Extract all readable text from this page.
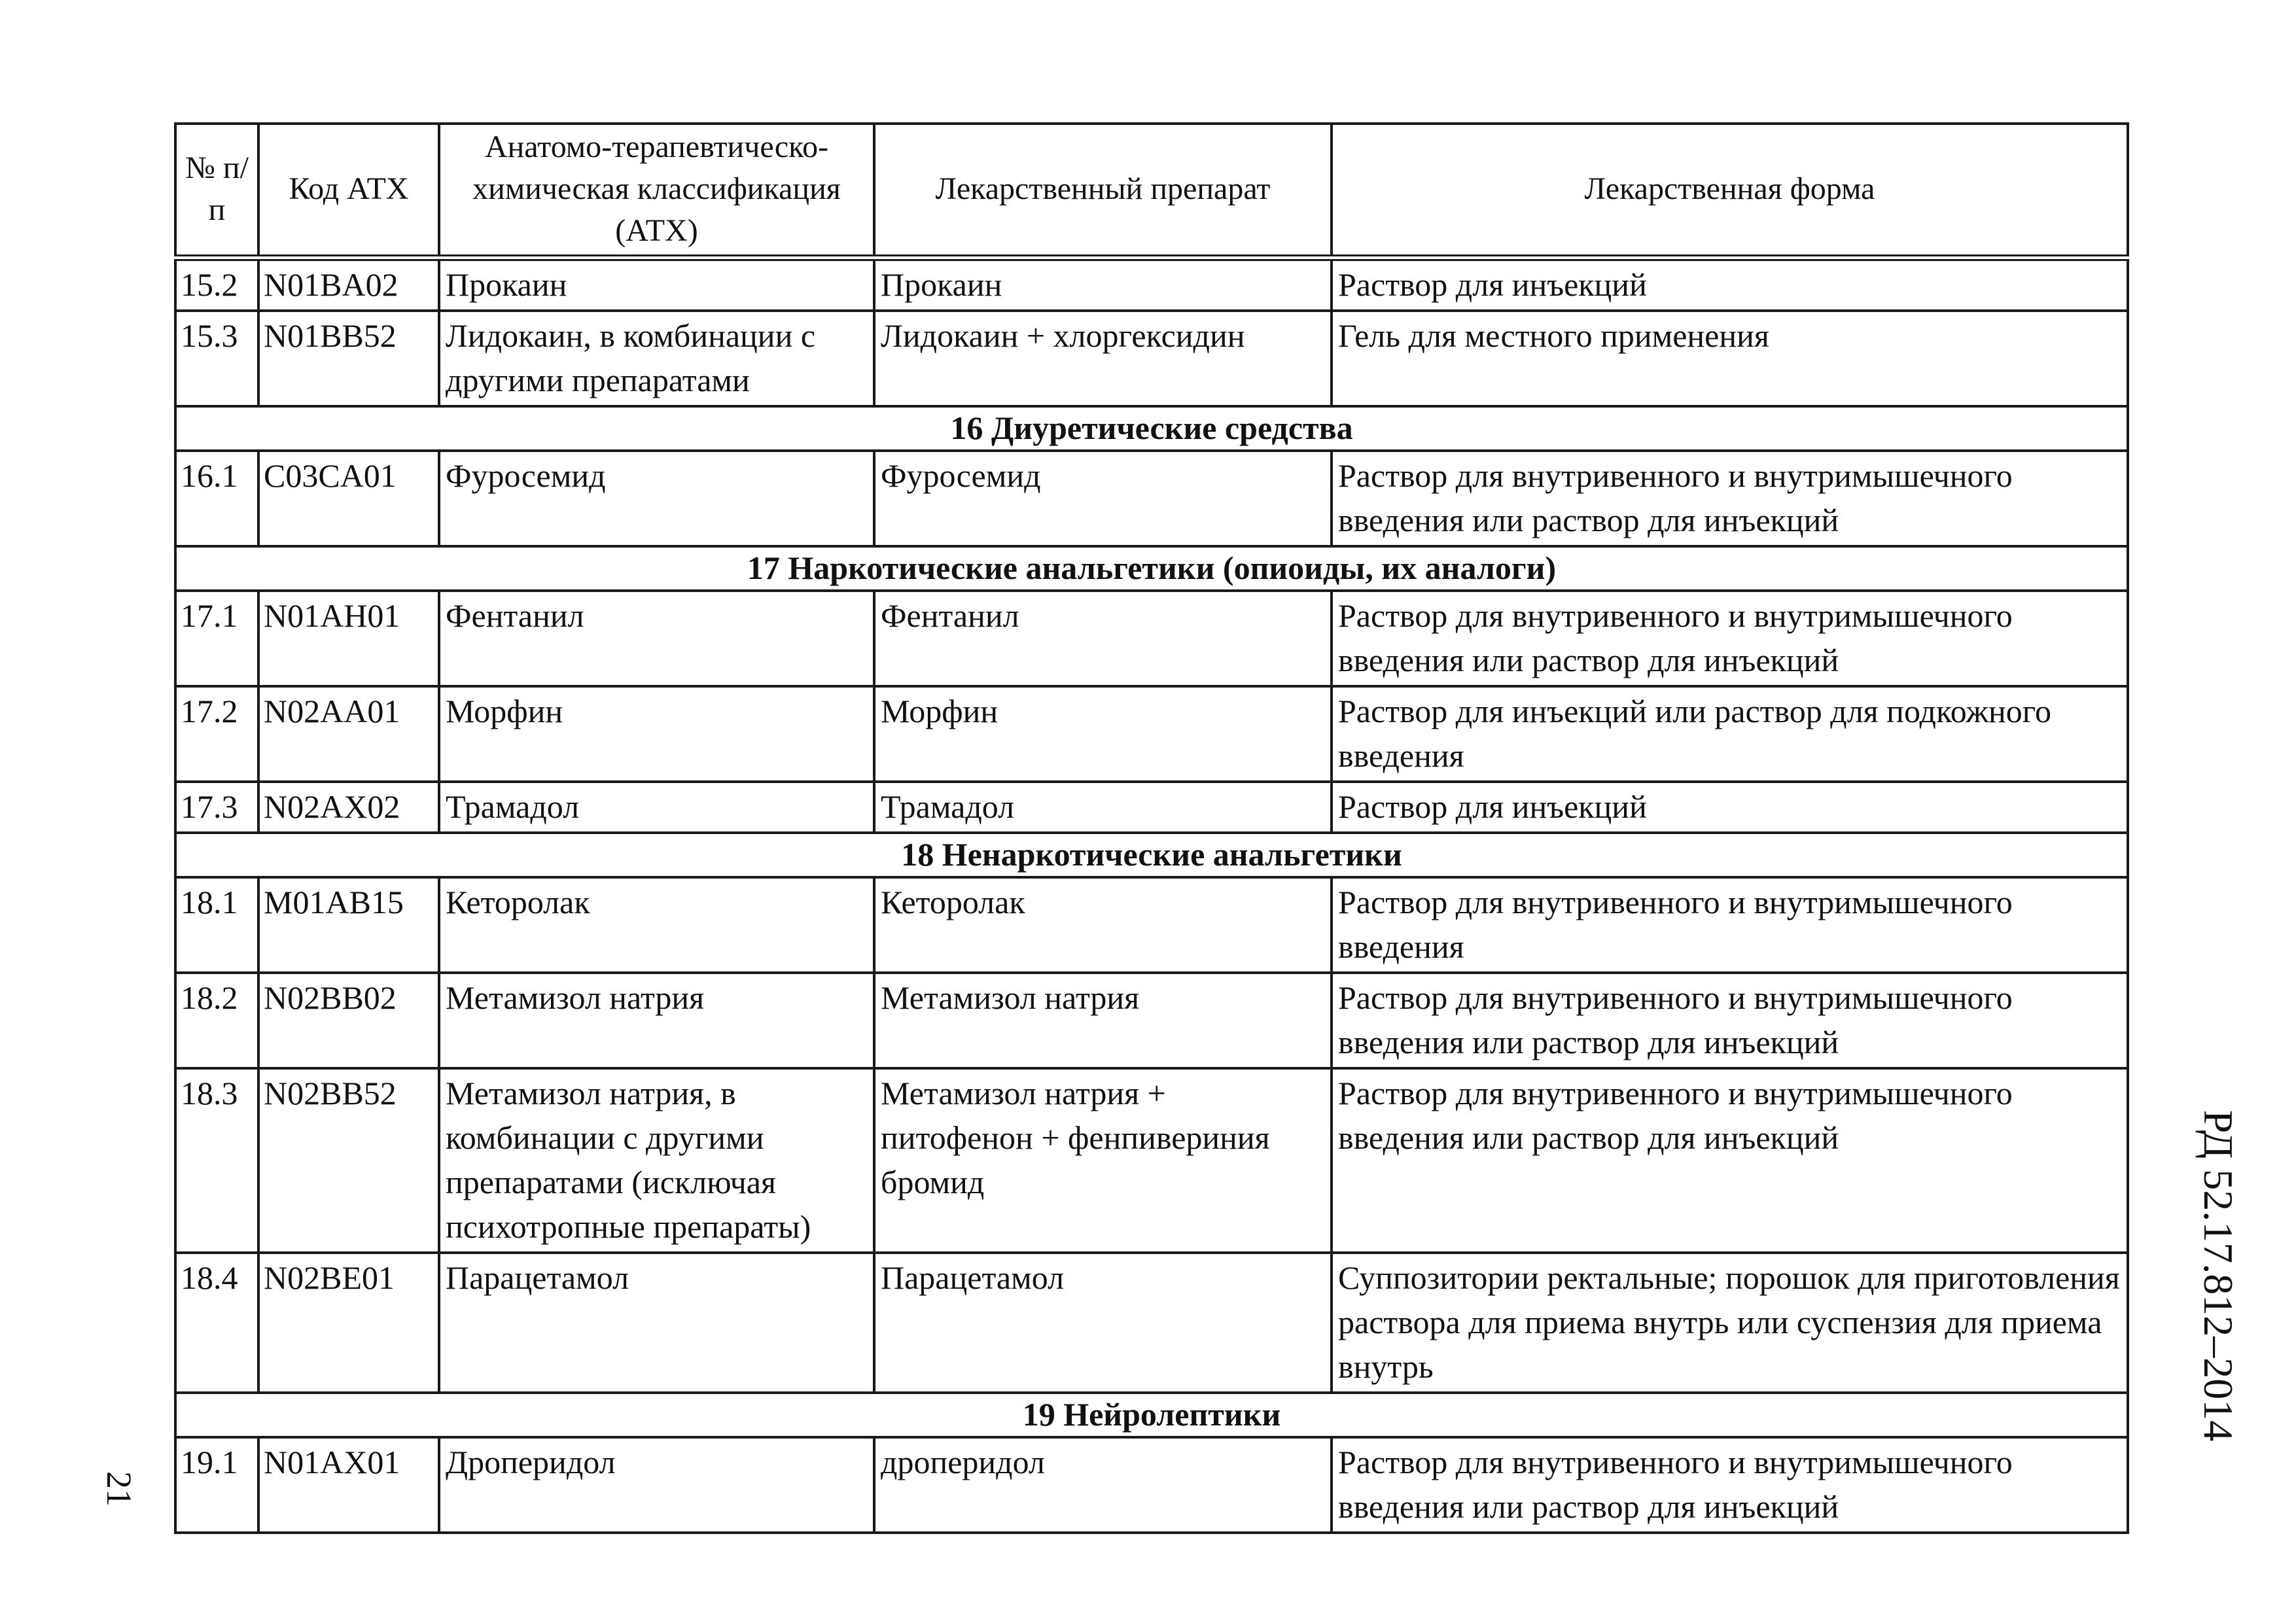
№ п/п	Код АТХ	Анатомо-терапевтическо-химическая классификация (АТХ)	Лекарственный препарат	Лекарственная форма
15.2	N01BA02	Прокаин	Прокаин	Раствор для инъекций
15.3	N01BB52	Лидокаин, в комбинации с другими препаратами	Лидокаин + хлоргексидин	Гель для местного применения
16 Диуретические средства				
16.1	C03CA01	Фуросемид	Фуросемид	Раствор для внутривенного и внутримышечного введения или раствор для инъекций
17 Наркотические анальгетики (опиоиды, их аналоги)				
17.1	N01AH01	Фентанил	Фентанил	Раствор для внутривенного и внутримышечного введения или раствор для инъекций
17.2	N02AA01	Морфин	Морфин	Раствор для инъекций или раствор для подкожного введения
17.3	N02AX02	Трамадол	Трамадол	Раствор для инъекций
18 Ненаркотические анальгетики				
18.1	M01AB15	Кеторолак	Кеторолак	Раствор для внутривенного и внутримышечного введения
18.2	N02BB02	Метамизол натрия	Метамизол натрия	Раствор для внутривенного и внутримышечного введения или раствор для инъекций
18.3	N02BB52	Метамизол натрия, в комбинации с другими препаратами (исключая психотропные препараты)	Метамизол натрия + питофенон + фенпивериния бромид	Раствор для внутривенного и внутримышечного введения или раствор для инъекций
18.4	N02BE01	Парацетамол	Парацетамол	Суппозитории ректальные; порошок для приготовления раствора для приема внутрь или суспензия для приема внутрь
19 Нейролептики				
19.1	N01AX01	Дроперидол	дроперидол	Раствор для внутривенного и внутримышечного введения или раствор для инъекций
21
РД 52.17.812–2014
